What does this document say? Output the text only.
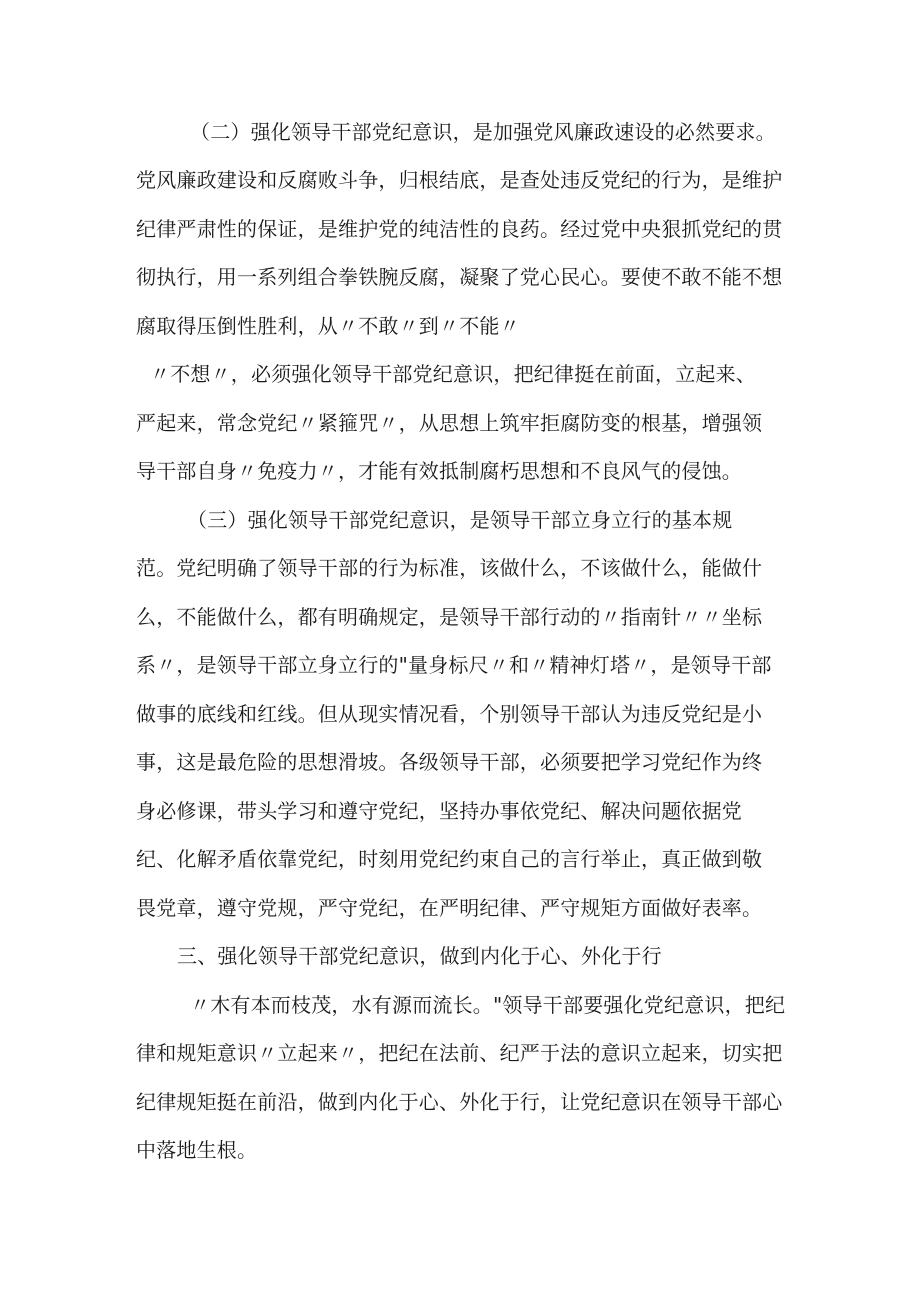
（二）强化领导干部党纪意识，是加强党风廉政速设的必然要求。
党风廉政建设和反腐败斗争，归根结底，是查处违反党纪的行为，是维护
纪律严肃性的保证，是维护党的纯洁性的良药。经过党中央狠抓党纪的贯
彻执行，用一系列组合拳铁腕反腐，凝聚了党心民心。要使不敢不能不想
腐取得压倒性胜利，从〃不敢〃到〃不能〃
〃不想〃，必须强化领导干部党纪意识，把纪律挺在前面，立起来、
严起来，常念党纪〃紧箍咒〃，从思想上筑牢拒腐防变的根基，增强领
导干部自身〃免疫力〃，才能有效抵制腐朽思想和不良风气的侵蚀。
（三）强化领导干部党纪意识，是领导干部立身立行的基本规
范。党纪明确了领导干部的行为标准，该做什么，不该做什么，能做什
么，不能做什么，都有明确规定，是领导干部行动的〃指南针〃〃坐标
系〃，是领导干部立身立行的"量身标尺〃和〃精神灯塔〃，是领导干部
做事的底线和红线。但从现实情况看，个别领导干部认为违反党纪是小
事，这是最危险的思想滑坡。各级领导干部，必须要把学习党纪作为终
身必修课，带头学习和遵守党纪，坚持办事依党纪、解决问题依据党
纪、化解矛盾依靠党纪，时刻用党纪约束自己的言行举止，真正做到敬
畏党章，遵守党规，严守党纪，在严明纪律、严守规矩方面做好表率。
三、强化领导干部党纪意识，做到内化于心、外化于行
〃木有本而枝茂，水有源而流长。"领导干部要强化党纪意识，把纪
律和规矩意识〃立起来〃，把纪在法前、纪严于法的意识立起来，切实把
纪律规矩挺在前沿，做到内化于心、外化于行，让党纪意识在领导干部心
中落地生根。
